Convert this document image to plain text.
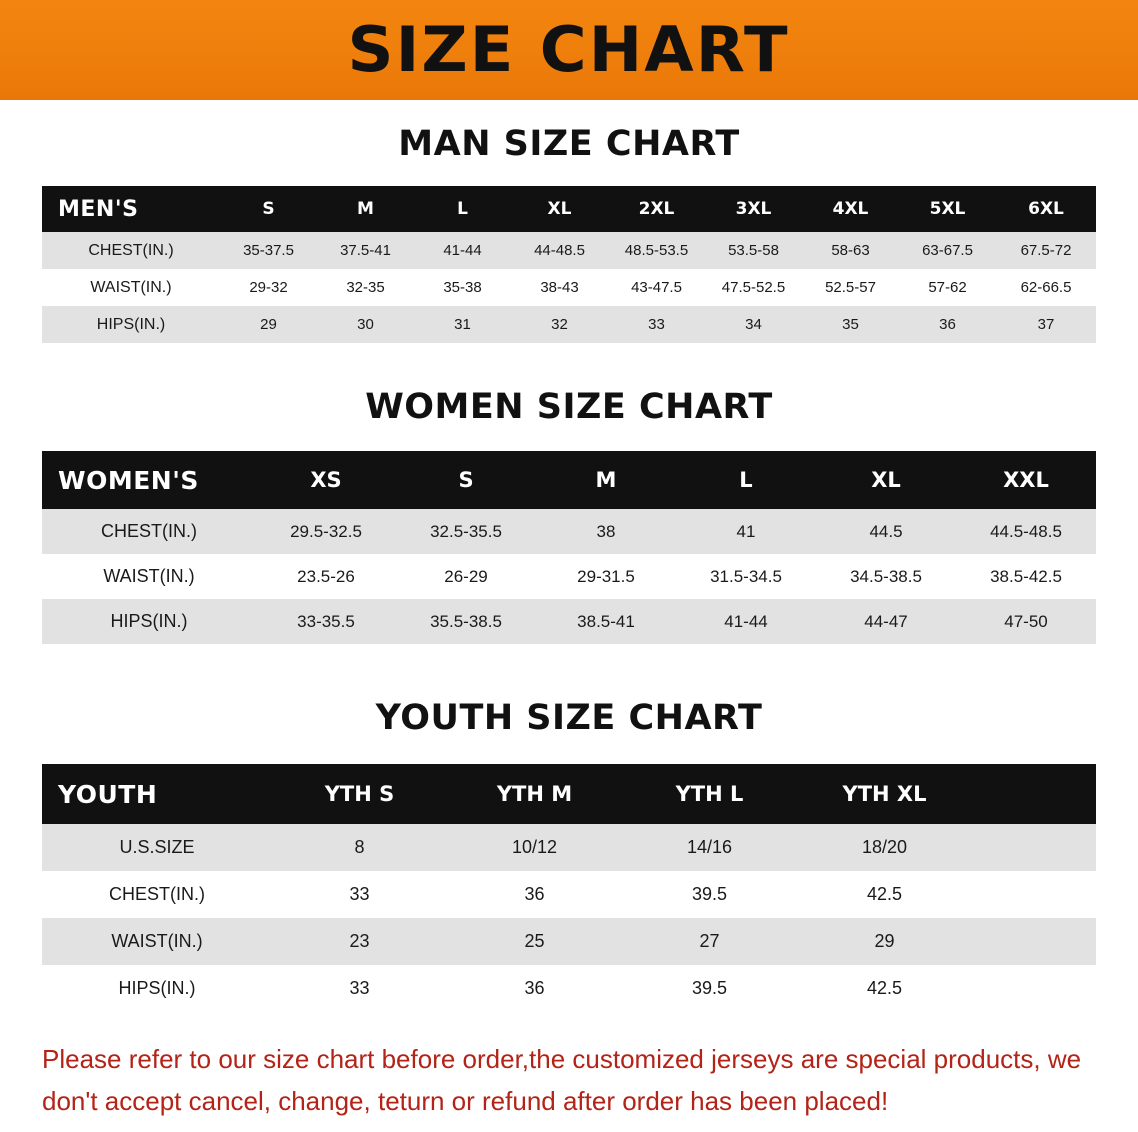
SIZE CHART
MAN SIZE CHART
MEN'S	S	M	L	XL	2XL	3XL	4XL	5XL	6XL
CHEST(IN.)	35-37.5	37.5-41	41-44	44-48.5	48.5-53.5	53.5-58	58-63	63-67.5	67.5-72
WAIST(IN.)	29-32	32-35	35-38	38-43	43-47.5	47.5-52.5	52.5-57	57-62	62-66.5
HIPS(IN.)	29	30	31	32	33	34	35	36	37
WOMEN SIZE CHART
WOMEN'S	XS	S	M	L	XL	XXL
CHEST(IN.)	29.5-32.5	32.5-35.5	38	41	44.5	44.5-48.5
WAIST(IN.)	23.5-26	26-29	29-31.5	31.5-34.5	34.5-38.5	38.5-42.5
HIPS(IN.)	33-35.5	35.5-38.5	38.5-41	41-44	44-47	47-50
YOUTH SIZE CHART
YOUTH	YTH S	YTH M	YTH L	YTH XL	
U.S.SIZE	8	10/12	14/16	18/20	
CHEST(IN.)	33	36	39.5	42.5	
WAIST(IN.)	23	25	27	29	
HIPS(IN.)	33	36	39.5	42.5	
Please refer to our size chart before order,the customized jerseys are special products, we don't accept cancel, change, teturn or refund after order has been placed!
